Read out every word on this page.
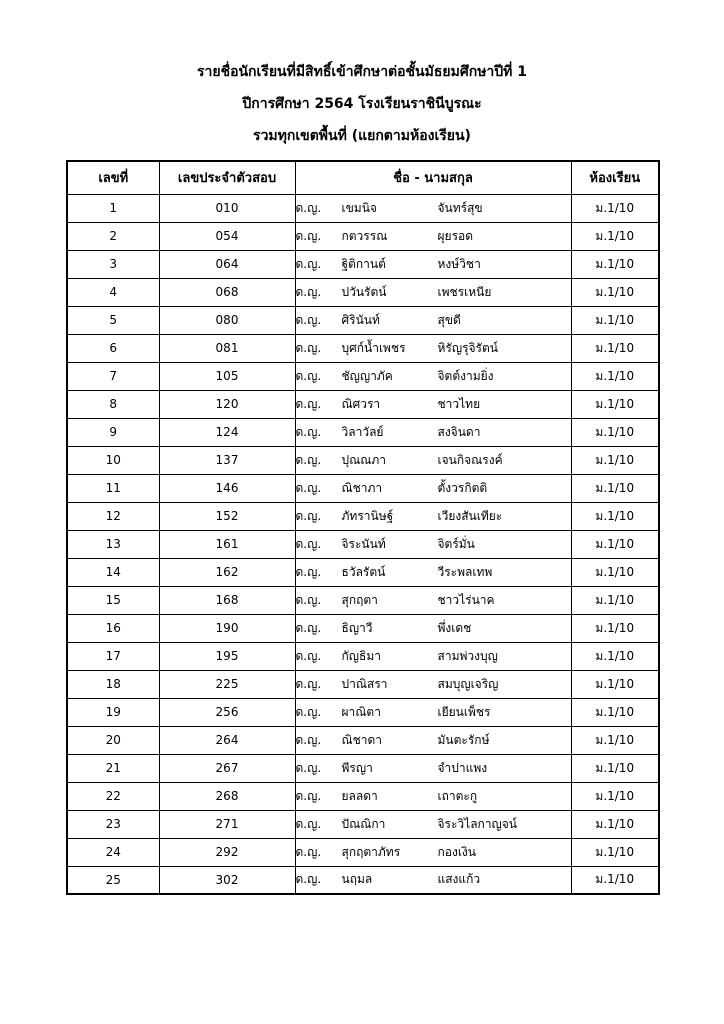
รายชื่อนักเรียนที่มีสิทธิ์เข้าศึกษาต่อชั้นมัธยมศึกษาปีที่ 1
ปีการศึกษา 2564 โรงเรียนราชินีบูรณะ
รวมทุกเขตพื้นที่ (แยกตามห้องเรียน)
เลขที่	เลขประจำตัวสอบ	ชื่อ - นามสกุล	ห้องเรียน
1	010	ด.ญ. เขมนิจ จันทร์สุข	ม.1/10
2	054	ด.ญ. กตวรรณ ผุยรอด	ม.1/10
3	064	ด.ญ. ฐิติกานต์ หงษ์วิชา	ม.1/10
4	068	ด.ญ. ปวันรัตน์ เพชรเหนีย	ม.1/10
5	080	ด.ญ. ศิรินันท์ สุขดี	ม.1/10
6	081	ด.ญ. บุศก์น้ำเพชร หิรัญรุจิรัตน์	ม.1/10
7	105	ด.ญ. ชัญญาภัค จิตต์งามยิ่ง	ม.1/10
8	120	ด.ญ. ณิศวรา ชาวไทย	ม.1/10
9	124	ด.ญ. วิลาวัลย์ สงจินดา	ม.1/10
10	137	ด.ญ. ปุณณภา เจนกิจณรงค์	ม.1/10
11	146	ด.ญ. ณิชาภา ตั้งวรกิตติ	ม.1/10
12	152	ด.ญ. ภัทรานิษฐ์ เวียงสันเทียะ	ม.1/10
13	161	ด.ญ. จิระนันท์ จิตร์มั่น	ม.1/10
14	162	ด.ญ. ธวัลรัตน์ วีระพลเทพ	ม.1/10
15	168	ด.ญ. สุกฤตา ชาวไร่นาค	ม.1/10
16	190	ด.ญ. ธิญาวี พึ่งเดช	ม.1/10
17	195	ด.ญ. กัญธิมา สามพ่วงบุญ	ม.1/10
18	225	ด.ญ. ปาณิสรา สมบุญเจริญ	ม.1/10
19	256	ด.ญ. ผาณิตา เยียนเพ็ชร	ม.1/10
20	264	ด.ญ. ณิชาดา มันตะรักษ์	ม.1/10
21	267	ด.ญ. พีรญา จำปาแพง	ม.1/10
22	268	ด.ญ. ยลลดา เถาตะกู	ม.1/10
23	271	ด.ญ. ปัณณิกา จิระวิไลกาญจน์	ม.1/10
24	292	ด.ญ. สุกฤตาภัทร กองเงิน	ม.1/10
25	302	ด.ญ. นฤมล แสงแก้ว	ม.1/10
